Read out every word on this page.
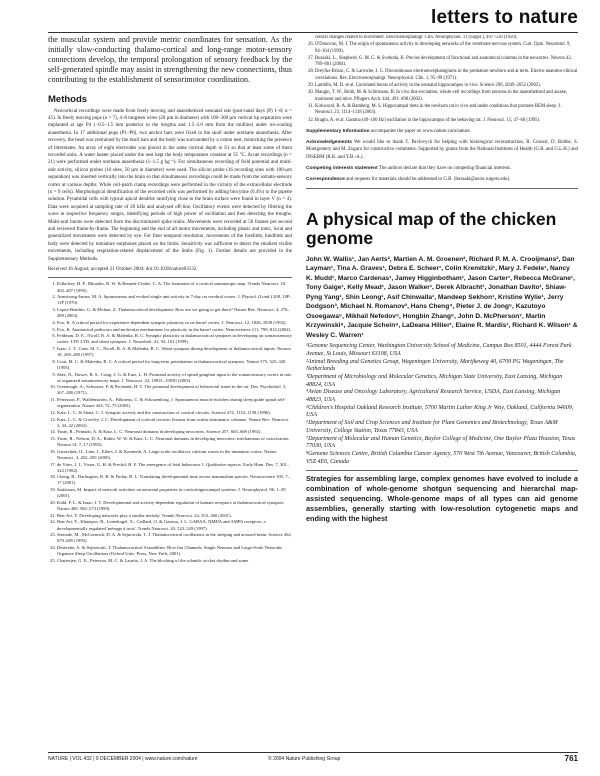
letters to nature

the muscular system and provide metric coordinates for sensation. As the initially slow-conducting thalamo-cortical and long-range motor-sensory connections develop, the temporal prolongation of sensory feedback by the self-generated spindle may assist in strengthening the new connections, thus contributing to the establishment of sensorimotor coordination.

Methods

Neocortical recordings were made from freely moving and anaesthetized neonatal rats (post-natal days (P) 1–8; n = 45). In freely moving pups (n = 7), 4–8 tungsten wires (20 µm in diameter) with 100–300 µm vertical tip separation were implanted at age P4 (−0.5–1.5 mm posterior to the bregma and 1.5–2.0 mm from the midline) under ice-cooling anaesthesia. In 17 additional pups (P1–P6), two anchor bars were fixed to the skull under urethane anaesthesia. After recovery, the head was restrained by the skull bars and the body was surrounded by a cotton nest, mimicking the presence of littermates. An array of eight electrodes was placed in the same cortical depth in S1 so that at least some of them recorded units. A water heater placed under the nest kept the body temperature constant at 35 °C. Acute recordings (n = 21) were performed under urethane anaesthesia (1–1.5 g kg⁻¹). For simultaneous recording of field potential and multi-unit activity, silicon probes (16 sites, 50 µm in diameter) were used. The silicon probe (16 recording sites with 100-µm separation) was inserted vertically into the brain so that simultaneous recordings could be made from the somato-sensory cortex at various depths. While cell-patch clamp recordings were performed in the vicinity of the extracellular electrode (n = 9 cells). Morphological identification of the recorded cells was performed by adding biocytine (0.4%) to the pipette solution. Pyramidal cells with typical apical dendrite ramifying close to the brain surface were found in layer V (n = 4). Data were acquired at sampling rate of 20 kHz and analysed off-line. Oscillatory events were detected by filtering the wave in respective frequency ranges, identifying periods of high power of oscillation and then detecting the troughs. Multi-unit bursts were detected from the discriminated spike trains. Movements were recorded at 50 frames per second and reviewed frame-by-frame. The beginning and the end of all motor movements, including phasic and tonic, local and generalized movements were detected by eye. For finer temporal resolution, movements of the forelimb, hindlimb and body were detected by miniature earphones placed on the limbs. Sensitivity was sufficient to detect the smallest visible movements, including respiration-related displacement of the limbs (Fig. 1). Further details are provided in the Supplementary Methods.

Received 16 August; accepted 21 October 2004; doi:10.1038/nature03132.
1. Killackey, H. P., Rhoades, R. W. & Bennett-Clarke, C. A. The formation of a cortical somatotopic map. Trends Neurosci. 18, 402–407 (1995).
2. Armstrong-James, M. A. Spontaneous and evoked single unit activity in 7-day rat cerebral cortex. J. Physiol. (Lond.) 208, 10P–11P (1970).
3. Lopez-Bendito, G. & Molnar, Z. Thalamocortical development: How are we going to get there? Nature Rev. Neurosci. 4, 276–289 (2003).
4. Fox, K. A critical period for experience-dependent synaptic plasticity in rat barrel cortex. J. Neurosci. 12, 1826–1838 (1992).
5. Fox, K. Anatomical pathways and molecular mechanisms for plasticity in the barrel cortex. Neuroscience 111, 799–814 (2002).
6. Feldman, D. E., Nicoll, R. A. & Malenka, R. C. Synaptic plasticity at thalamocortical synapses in developing rat somatosensory cortex: LTP, LTD, and silent synapses. J. Neurobiol. 41, 92–101 (1999).
7. Isaac, J. T., Crair, M. C., Nicoll, R. A. & Malenka, R. C. Silent synapses during development of thalamocortical inputs. Neuron 18, 269–280 (1997).
8. Crair, M. C. & Malenka, R. C. A critical period for long-term potentiation at thalamocortical synapses. Nature 375, 325–328 (1995).
9. Sáez, N., Dawes, B. S., Craig, J. G. & Eutz, L. H. Postnatal activity of spinal ganglion input to the somatosensory cortex in rats of organized somatosensory maps. J. Neurosci. 23, 10921–10930 (2003).
10. Greenough, A., Schwartz, F. & Pechenik, H. T. The postnatal development of behavioral states in the rat. Dev. Psychobiol. 3, 267–280 (1971).
11. Petersson, P., Waldenström, A., Fåhraeus, C. & Schouenborg, J. Spontaneous muscle twitches during sleep guide spinal self-organization. Nature 424, 72–75 (2003).
12. Katz, L. C. & Shatz, C. J. Synaptic activity and the construction of cortical circuits. Science 274, 1133–1138 (1996).
13. Katz, L. C. & Crowley, J. C. Development of cortical circuits: lessons from ocular dominance columns. Nature Rev. Neurosci. 3, 34–42 (2002).
14. Yuste, R., Peinado, A. & Katz, L. C. Neuronal domains in developing neocortex. Science 257, 665–669 (1992).
15. Yuste, R., Nelson, D. A., Rubin, W. W. & Katz, L. C. Neuronal domains in developing neocortex: mechanisms of coactivation. Neuron 14, 7–17 (1995).
16. Garaschuk, O., Linn, J., Eilers, J. & Konnerth, A. Large-scale oscillatory calcium waves in the immature cortex. Nature Neurosci. 3, 452–459 (2000).
17. de Vries, J. I., Visser, G. H. & Prechtl, H. F. The emergence of fetal behaviour. I. Qualitative aspects. Early Hum. Dev. 7, 301–322 (1982).
18. Cheng, R., Darlington, R. B. & Finlay, B. L. Translating developmental time across mammalian species. Neuroscience 105, 7–17 (2001).
19. Stafstrom, M. Impact of network activities on neuronal properties in corticohippocampal systems. J. Neurophysiol. 86, 1–39 (2001).
20. Kidd, F. L. & Isaac, J. T. Developmental and activity-dependent regulation of kainate receptors at thalamocortical synapses. Nature 400, 569–573 (1999).
21. Ben-Ari, Y. Developing networks play a similar melody. Trends Neurosci. 24, 353–360 (2001).
22. Ben-Ari, Y., Khazipov, R., Leinekugel, X., Caillard, O. & Gaiarsa, J. L. GABAA, NMDA and AMPA receptors: a developmentally regulated 'ménage à trois'. Trends Neurosci. 20, 523–529 (1997).
23. Steriade, M., McCormick, D. A. & Sejnowski, T. J. Thalamocortical oscillations in the sleeping and aroused brain. Science 262, 679–685 (1993).
24. Destexhe, A. & Sejnowski, T. Thalamocortical Assemblies: How Ion Channels, Single Neurons and Large-Scale Networks Organize Sleep Oscillations (Oxford Univ. Press, New York, 2001).
25. Chatterjee, G. E., Peterson, M. C. & Lauritz, J. A. The blocking of the rolandic wicket rhythm and some
central changes related to movement. Electroencephalogr. Clin. Neurophysiol. 11 (Suppl.), 497–510 (1959).
26. O'Donovan, M. J. The origin of spontaneous activity in developing networks of the vertebrate nervous system. Curr. Opin. Neurobiol. 9, 94–104 (1999).
27. Buzsaki, L., Shepherd, G. M. G. & Svoboda, K. Precise development of functional and anatomical columns in the neocortex. Neuron 42, 789–801 (2004).
28. Dreyfus-Brisac, C. & Larroche, J. C. Discontinuous electroencephalograms in the premature newborn and at term. Electro-anatomo-clinical correlations. Rev. Electroencephalogr. Neurophysiol. Clin. 1, 95–99 (1971).
29. Lamblin, M. D. et al. Correlated bursts of activity in the neonatal hippocampus in vivo. Science 296, 2049–2052 (2002).
30. Mangin, T. W., Reith, M. & Schirmann, B. In vivo line excitation, whole-cell recordings from neurons in the anaesthetized and awake, marmoset and mice. Pflugers Arch. 444, 491–498 (2002).
31. Kirkwood, R. A. & Bamberg, M. S. Hippocampal theta in the newborn rat in vivo and under conditions that promote REM sleep. J. Neurosci. 23, 1114–1118 (2003).
32. Bragin, A. et al. Gamma (40–100 Hz) oscillation in the hippocampus of the behaving rat. J. Neurosci. 15, 47–60 (1995).

Supplementary Information accompanies the paper on www.nature.com/nature.

Acknowledgements We would like to thank T. Pavlovych for helping with histological reconstruction, R. Cossart, D. Robbe, S. Montgomery and M. Zugaro for constructive comments. Supported by grants from the National Institutes of Health (G.B. and G.L.H.) and INSERM (R.K. and Y.B.-A.).

Competing interests statement The authors declare that they have no competing financial interests.

Correspondence and requests for materials should be addressed to G.B. (buzsaki@axon.rutgers.edu).

A physical map of the chicken genome
John W. Wallis¹, Jan Aerts², Martien A. M. Groenen², Richard P. M. A. Crooijmans², Dan Layman¹, Tina A. Graves¹, Debra E. Scheer¹, Colin Kremitzki¹, Mary J. Fedele¹, Nancy K. Mudd¹, Marco Cardenas¹, Jamey Higginbotham¹, Jason Carter¹, Rebecca McGrane¹, Tony Gaige¹, Kelly Mead¹, Jason Walker¹, Derek Albracht¹, Jonathan Davito¹, Shiaw-Pyng Yang¹, Shin Leong¹, Asif Chinwalla¹, Mandeep Sekhon¹, Kristine Wylie¹, Jerry Dodgson³, Michael N. Romanov³, Hans Cheng⁴, Pieter J. de Jong⁵, Kazutoyo Osoegawa⁵, Mikhail Nefedov⁵, Hongbin Zhang⁶, John D. McPherson⁷, Martin Krzywinski⁸, Jacquie Schein⁸, LaDeana Hillier¹, Elaine R. Mardis¹, Richard K. Wilson¹ & Wesley C. Warren¹

¹Genome Sequencing Center, Washington University School of Medicine, Campus Box 8501, 4444 Forest Park Avenue, St Louis, Missouri 63108, USA

²Animal Breeding and Genetics Group, Wageningen University, Marijkeweg 40, 6709 PG Wageningen, The Netherlands

³Department of Microbiology and Molecular Genetics, Michigan State University, East Lansing, Michigan 48824, USA

⁴Avian Disease and Oncology Laboratory, Agricultural Research Service, USDA, East Lansing, Michigan 48823, USA

⁵Children's Hospital Oakland Research Institute, 5700 Martin Luther King Jr Way, Oakland, California 94609, USA

⁶Department of Soil and Crop Sciences and Institute for Plant Genomics and Biotechnology, Texas A&M University, College Station, Texas 77843, USA

⁷Department of Molecular and Human Genetics, Baylor College of Medicine, One Baylor Plaza Houston, Texas 77030, USA

⁸Genome Sciences Centre, British Columbia Cancer Agency, 570 West 7th Avenue, Vancouver, British Columbia, V5Z 4E6, Canada

Strategies for assembling large, complex genomes have evolved to include a combination of whole-genome shotgun sequencing and hierarchal map-assisted sequencing. Whole-genome maps of all types can aid genome assemblies, generally starting with low-resolution cytogenetic maps and ending with the highest

NATURE | VOL 432 | 9 DECEMBER 2004 | www.nature.com/nature	© 2004 Nature Publishing Group	761
